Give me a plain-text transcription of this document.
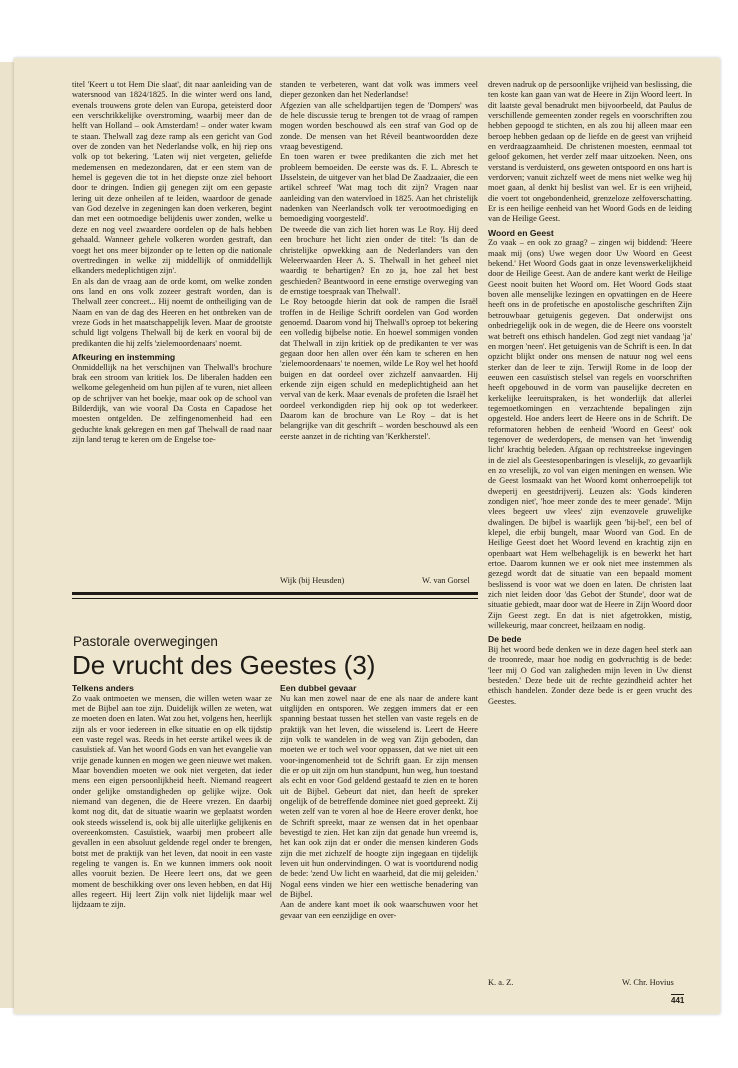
titel 'Keert u tot Hem Die slaat', dit naar aanleiding van de watersnood van 1824/1825. In die winter werd ons land, evenals trouwens grote delen van Europa, geteisterd door een verschrikkelijke overstroming, waarbij meer dan de helft van Holland – ook Amsterdam! – onder water kwam te staan. Thelwall zag deze ramp als een gericht van God over de zonden van het Nederlandse volk, en hij riep ons volk op tot bekering. 'Laten wij niet vergeten, geliefde medemensen en medezondaren, dat er een stem van de hemel is gegeven die tot in het diepste onze ziel behoort door te dringen. Indien gij genegen zijt om een gepaste lering uit deze onheilen af te leiden, waardoor de genade van God dezelve in zegeningen kan doen verkeren, begint dan met een ootmoedige belijdenis uwer zonden, welke u deze en nog veel zwaardere oordelen op de hals hebben gehaald. Wanneer gehele volkeren worden gestraft, dan voegt het ons meer bijzonder op te letten op die nationale overtredingen in welke zij middellijk of onmiddellijk elkanders medeplichtigen zijn'.

En als dan de vraag aan de orde komt, om welke zonden ons land en ons volk zozeer gestraft worden, dan is Thelwall zeer concreet... Hij noemt de ontheiliging van de Naam en van de dag des Heeren en het ontbreken van de vreze Gods in het maatschappelijk leven. Maar de grootste schuld ligt volgens Thelwall bij de kerk en vooral bij de predikanten die hij zelfs 'zielemoordenaars' noemt.

Afkeuring en instemming

Onmiddellijk na het verschijnen van Thelwall's brochure brak een stroom van kritiek los. De liberalen hadden een welkome gelegenheid om hun pijlen af te vuren, niet alleen op de schrijver van het boekje, maar ook op de school van Bilderdijk, van wie vooral Da Costa en Capadose het moesten ontgelden. De zelfingenomenheid had een geduchte knak gekregen en men gaf Thelwall de raad naar zijn land terug te keren om de Engelse toe-

standen te verbeteren, want dat volk was immers veel dieper gezonken dan het Nederlandse!

Afgezien van alle scheldpartijen tegen de 'Dompers' was de hele discussie terug te brengen tot de vraag of rampen mogen worden beschouwd als een straf van God op de zonde. De mensen van het Réveil beantwoordden deze vraag bevestigend.

En toen waren er twee predikanten die zich met het probleem bemoeiden. De eerste was ds. F. L. Abresch te IJsselstein, de uitgever van het blad De Zaadzaaier, die een artikel schreef 'Wat mag toch dit zijn? Vragen naar aanleiding van den watervloed in 1825. Aan het christelijk nadenken van Neerlandsch volk ter verootmoediging en bemoediging voorgesteld'.

De tweede die van zich liet horen was Le Roy. Hij deed een brochure het licht zien onder de titel: 'Is dan de christelijke opwekking aan de Nederlanders van den Weleerwaarden Heer A. S. Thelwall in het geheel niet waardig te behartigen? En zo ja, hoe zal het best geschieden? Beantwoord in eene ernstige overweging van de ernstige toespraak van Thelwall'.

Le Roy betoogde hierin dat ook de rampen die Israël troffen in de Heilige Schrift oordelen van God worden genoemd. Daarom vond hij Thelwall's oproep tot bekering een volledig bijbelse notie. En hoewel sommigen vonden dat Thelwall in zijn kritiek op de predikanten te ver was gegaan door hen allen over één kam te scheren en hen 'zielemoordenaars' te noemen, wilde Le Roy wel het hoofd buigen en dat oordeel over zichzelf aanvaarden. Hij erkende zijn eigen schuld en medeplichtigheid aan het verval van de kerk. Maar evenals de profeten die Israël het oordeel verkondigden riep hij ook op tot wederkeer. Daarom kan de brochure van Le Roy – dat is het belangrijke van dit geschrift – worden beschouwd als een eerste aanzet in de richting van 'Kerkherstel'.

Wijk (bij Heusden)	W. van Gorsel
Pastorale overwegingen
De vrucht des Geestes (3)
Telkens anders

Zo vaak ontmoeten we mensen, die willen weten waar ze met de Bijbel aan toe zijn. Duidelijk willen ze weten, wat ze moeten doen en laten. Wat zou het, volgens hen, heerlijk zijn als er voor iedereen in elke situatie en op elk tijdstip een vaste regel was. Reeds in het eerste artikel wees ik de casuïstiek af. Van het woord Gods en van het evangelie van vrije genade kunnen en mogen we geen nieuwe wet maken. Maar bovendien moeten we ook niet vergeten, dat ieder mens een eigen persoonlijkheid heeft. Niemand reageert onder gelijke omstandigheden op gelijke wijze. Ook niemand van degenen, die de Heere vrezen. En daarbij komt nog dit, dat de situatie waarin we geplaatst worden ook steeds wisselend is, ook bij alle uiterlijke gelijkenis en overeenkomsten. Casuïstiek, waarbij men probeert alle gevallen in een absoluut geldende regel onder te brengen, botst met de praktijk van het leven, dat nooit in een vaste regeling te vangen is. En we kunnen immers ook nooit alles vooruit bezien. De Heere leert ons, dat we geen moment de beschikking over ons leven hebben, en dat Hij alles regeert. Hij leert Zijn volk niet lijdelijk maar wel lijdzaam te zijn.

Een dubbel gevaar

Nu kan men zowel naar de ene als naar de andere kant uitglijden en ontsporen. We zeggen immers dat er een spanning bestaat tussen het stellen van vaste regels en de praktijk van het leven, die wisselend is. Leert de Heere zijn volk te wandelen in de weg van Zijn geboden, dan moeten we er toch wel voor oppassen, dat we niet uit een voor-ingenomenheid tot de Schrift gaan. Er zijn mensen die er op uit zijn om hun standpunt, hun weg, hun toestand als echt en voor God geldend gestaafd te zien en te horen uit de Bijbel. Gebeurt dat niet, dan heeft de spreker ongelijk of de betreffende dominee niet goed gepreekt. Zij weten zelf van te voren al hoe de Heere erover denkt, hoe de Schrift spreekt, maar ze wensen dat in het openbaar bevestigd te zien. Het kan zijn dat genade hun vreemd is, het kan ook zijn dat er onder die mensen kinderen Gods zijn die met zichzelf de hoogte zijn ingegaan en tijdelijk leven uit hun ondervindingen. O wat is voortdurend nodig de bede: 'zend Uw licht en waarheid, dat die mij geleiden.' Nogal eens vinden we hier een wettische benadering van de Bijbel.

Aan de andere kant moet ik ook waarschuwen voor het gevaar van een eenzijdige en over-

dreven nadruk op de persoonlijke vrijheid van beslissing, die ten koste kan gaan van wat de Heere in Zijn Woord leert. In dit laatste geval benadrukt men bijvoorbeeld, dat Paulus de verschillende gemeenten zonder regels en voorschriften zou hebben gepoogd te stichten, en als zou hij alleen maar een beroep hebben gedaan op de liefde en de geest van vrijheid en verdraagzaamheid. De christenen moesten, eenmaal tot geloof gekomen, het verder zelf maar uitzoeken. Neen, ons verstand is verduisterd, ons geweten ontspoord en ons hart is verdorven; vanuit zichzelf weet de mens niet welke weg hij moet gaan, al denkt hij beslist van wel. Er is een vrijheid, die voert tot ongebondenheid, grenzeloze zelfoverschatting. Er is een heilige eenheid van het Woord Gods en de leiding van de Heilige Geest.

Woord en Geest

Zo vaak – en ook zo graag? – zingen wij biddend: 'Heere maak mij (ons) Uwe wegen door Uw Woord en Geest bekend.' Het Woord Gods gaat in onze levenswerkelijkheid door de Heilige Geest. Aan de andere kant werkt de Heilige Geest nooit buiten het Woord om. Het Woord Gods staat boven alle menselijke lezingen en opvattingen en de Heere heeft ons in de profetische en apostolische geschriften Zijn betrouwbaar getuigenis gegeven. Dat onderwijst ons onbedriegelijk ook in de wegen, die de Heere ons voorstelt wat betreft ons ethisch handelen. God zegt niet vandaag 'ja' en morgen 'neen'. Het getuigenis van de Schrift is een. In dat opzicht blijkt onder ons mensen de natuur nog wel eens sterker dan de leer te zijn. Terwijl Rome in de loop der eeuwen een casuïstisch stelsel van regels en voorschriften heeft opgebouwd in de vorm van pauselijke decreten en kerkelijke leeruitspraken, is het wonderlijk dat allerlei tegemoetkomingen en verzachtende bepalingen zijn opgesteld. Hoe anders leert de Heere ons in de Schrift. De reformatoren hebben de eenheid 'Woord en Geest' ook tegenover de wederdopers, de mensen van het 'inwendig licht' krachtig beleden. Afgaan op rechtstreekse ingevingen in de ziel als Geestesopenbaringen is vleselijk, zo gevaarlijk en zo vreselijk, zo vol van eigen meningen en wensen. Wie de Geest losmaakt van het Woord komt onherroepelijk tot dweperij en geestdrijverij. Leuzen als: 'Gods kinderen zondigen niet', 'hoe meer zonde des te meer genade'. 'Mijn vlees begeert uw vlees' zijn evenzovele gruwelijke dwalingen. De bijbel is waarlijk geen 'bij-bel', een bel of klepel, die erbij bungelt, maar Woord van God. En de Heilige Geest doet het Woord levend en krachtig zijn en openbaart wat Hem welbehagelijk is en bewerkt het hart ertoe. Daarom kunnen we er ook niet mee instemmen als gezegd wordt dat de situatie van een bepaald moment beslissend is voor wat we doen en laten. De christen laat zich niet leiden door 'das Gebot der Stunde', door wat de situatie gebiedt, maar door wat de Heere in Zijn Woord door Zijn Geest zegt. En dat is niet afgetrokken, mistig, willekeurig, maar concreet, heilzaam en nodig.

De bede

Bij het woord bede denken we in deze dagen heel sterk aan de troonrede, maar hoe nodig en godvruchtig is de bede: 'leer mij O God van zaligheden mijn leven in Uw dienst besteden.' Deze bede uit de rechte gezindheid achter het ethisch handelen. Zonder deze bede is er geen vrucht des Geestes.

K. a. Z.	W. Chr. Hovius
441
